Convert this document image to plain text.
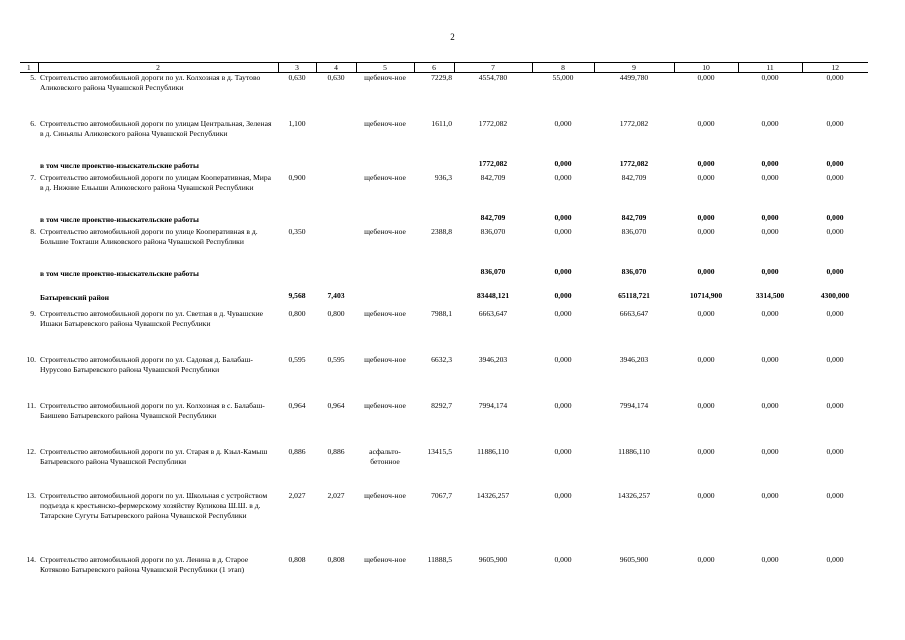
2
1	2	3	4	5	6	7	8	9	10	11	12
5.	Строительство автомобильной дороги по ул. Колхозная в д. Таутово Аликовского района Чувашской Республики	0,630	0,630	щебеноч-ное	7229,8	4554,780	55,000	4499,780	0,000	0,000	0,000
6.	Строительство автомобильной дороги по улицам Центральная, Зеленая в д. Синьялы Аликовского района Чувашской Республики	1,100		щебеноч-ное	1611,0	1772,082	0,000	1772,082	0,000	0,000	0,000
	в том числе проектно-изыскательские работы					1772,082	0,000	1772,082	0,000	0,000	0,000
7.	Строительство автомобильной дороги по улицам Кооперативная, Мира в д. Нижние Ельыши Аликовского района Чувашской Республики	0,900		щебеноч-ное	936,3	842,709	0,000	842,709	0,000	0,000	0,000
	в том числе проектно-изыскательские работы					842,709	0,000	842,709	0,000	0,000	0,000
8.	Строительство автомобильной дороги по улице Кооперативная в д. Большие Токташи Аликовского района Чувашской Республики	0,350		щебеноч-ное	2388,8	836,070	0,000	836,070	0,000	0,000	0,000
	в том числе проектно-изыскательские работы					836,070	0,000	836,070	0,000	0,000	0,000
	Батыревский район	9,568	7,403			83448,121	0,000	65118,721	10714,900	3314,500	4300,000
9.	Строительство автомобильной дороги по ул. Светлая в д. Чувашские Ишаки Батыревского района Чувашской Республики	0,800	0,800	щебеноч-ное	7988,1	6663,647	0,000	6663,647	0,000	0,000	0,000
10.	Строительство автомобильной дороги по ул. Садовая д. Балабаш-Нурусово Батыревского района Чувашской Республики	0,595	0,595	щебеноч-ное	6632,3	3946,203	0,000	3946,203	0,000	0,000	0,000
11.	Строительство автомобильной дороги по ул. Колхозная в с. Балабаш-Баишево Батыревского района Чувашской Республики	0,964	0,964	щебеноч-ное	8292,7	7994,174	0,000	7994,174	0,000	0,000	0,000
12.	Строительство автомобильной дороги по ул. Старая в д. Кзыл-Камыш Батыревского района Чувашской Республики	0,886	0,886	асфальто-бетонное	13415,5	11886,110	0,000	11886,110	0,000	0,000	0,000
13.	Строительство автомобильной дороги по ул. Школьная с устройством подъезда к крестьянско-фермерскому хозяйству Куликова Ш.Ш. в д. Татарские Сугуты Батыревского района Чувашской Республики	2,027	2,027	щебеноч-ное	7067,7	14326,257	0,000	14326,257	0,000	0,000	0,000
14.	Строительство автомобильной дороги по ул. Ленина в д. Старое Котяково Батыревского района Чувашской Республики (1 этап)	0,808	0,808	щебеноч-ное	11888,5	9605,900	0,000	9605,900	0,000	0,000	0,000
